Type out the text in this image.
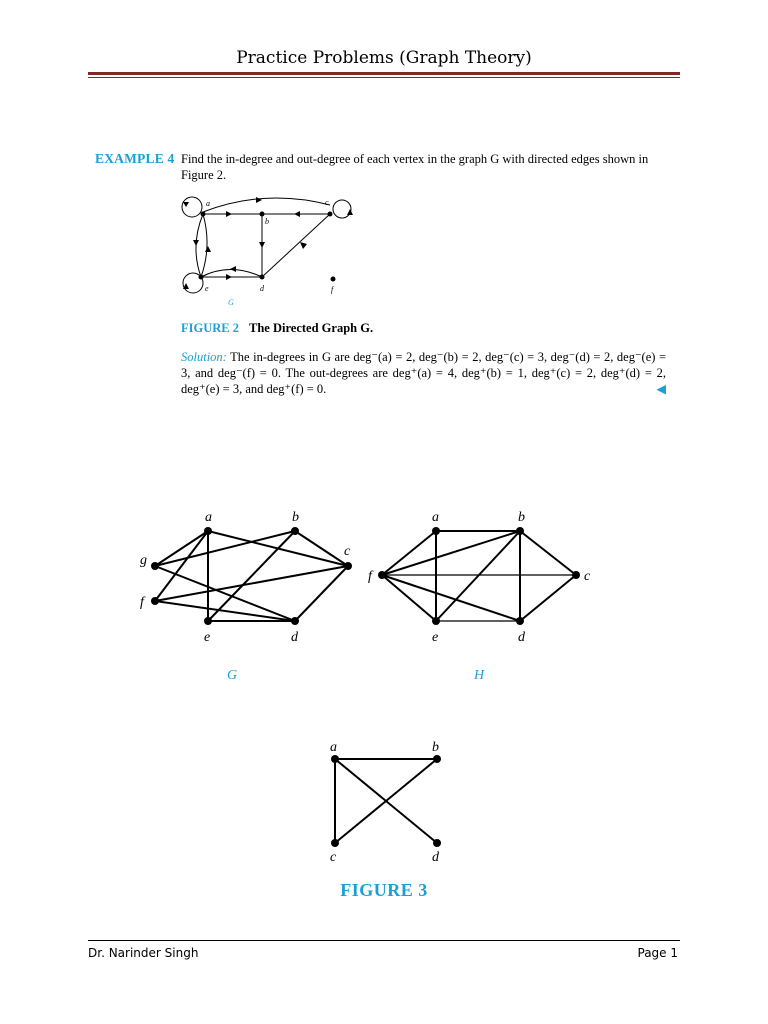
Practice Problems (Graph Theory)
EXAMPLE 4 Find the in-degree and out-degree of each vertex in the graph G with directed edges shown in Figure 2.
a
b
c
d
e	f
G
FIGURE 2 The Directed Graph G.
Solution: The in-degrees in G are deg⁻(a) = 2, deg⁻(b) = 2, deg⁻(c) = 3, deg⁻(d) = 2, deg⁻(e) = 3, and deg⁻(f) = 0. The out-degrees are deg⁺(a) = 4, deg⁺(b) = 1, deg⁺(c) = 2, deg⁺(d) = 2, deg⁺(e) = 3, and deg⁺(f) = 0.	◀
a	b
c
d
e
f
g
a	b
c
d
e
f
G	H
a	b
c	d
FIGURE 3
Dr. Narinder Singh	Page 1
